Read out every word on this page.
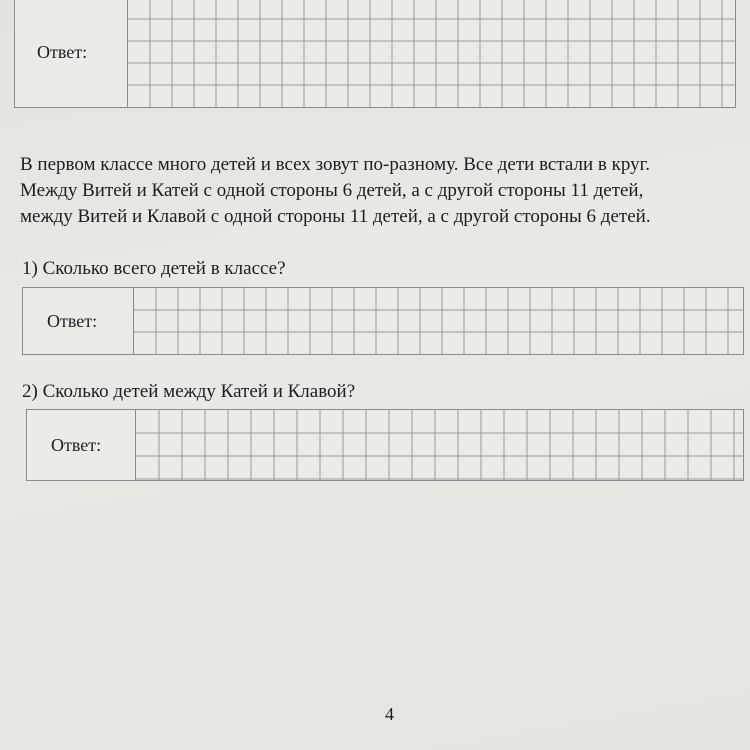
Ответ:
В первом классе много детей и всех зовут по-разному. Все дети встали в круг.
Между Витей и Катей с одной стороны 6 детей, а с другой стороны 11 детей,
между Витей и Клавой с одной стороны 11 детей, а с другой стороны 6 детей.
1) Сколько всего детей в классе?
Ответ:
2) Сколько детей между Катей и Клавой?
Ответ:
4
